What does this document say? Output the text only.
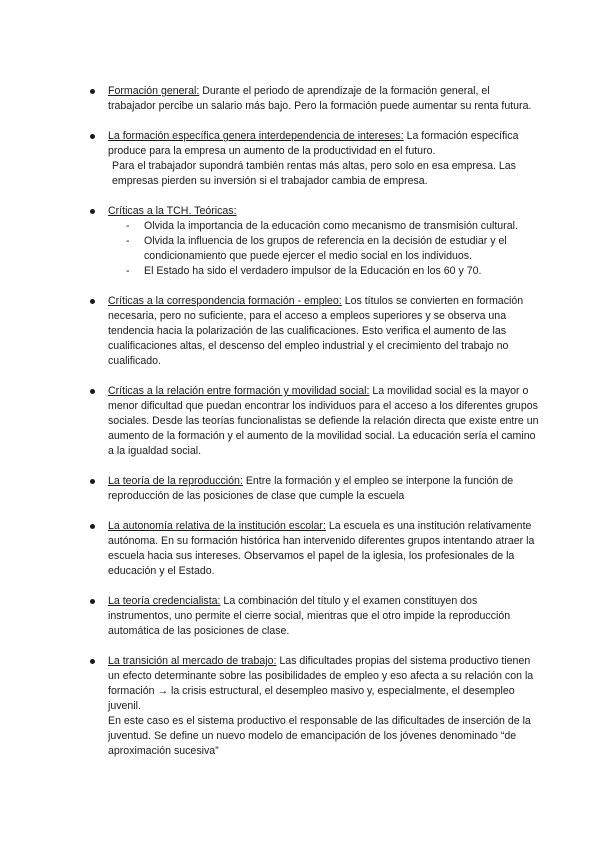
Formación general: Durante el periodo de aprendizaje de la formación general, el trabajador percibe un salario más bajo. Pero la formación puede aumentar su renta futura.
La formación específica genera interdependencia de intereses: La formación específica produce para la empresa un aumento de la productividad en el futuro.
Para el trabajador supondrá también rentas más altas, pero solo en esa empresa. Las empresas pierden su inversión si el trabajador cambia de empresa.
Críticas a la TCH. Teóricas:
- Olvida la importancia de la educación como mecanismo de transmisión cultural.
- Olvida la influencia de los grupos de referencia en la decisión de estudiar y el condicionamiento que puede ejercer el medio social en los individuos.
- El Estado ha sido el verdadero impulsor de la Educación en los 60 y 70.
Críticas a la correspondencia formación - empleo: Los títulos se convierten en formación necesaria, pero no suficiente, para el acceso a empleos superiores y se observa una tendencia hacia la polarización de las cualificaciones. Esto verifica el aumento de las cualificaciones altas, el descenso del empleo industrial y el crecimiento del trabajo no cualificado.
Críticas a la relación entre formación y movilidad social: La movilidad social es la mayor o menor dificultad que puedan encontrar los individuos para el acceso a los diferentes grupos sociales. Desde las teorías funcionalistas se defiende la relación directa que existe entre un aumento de la formación y el aumento de la movilidad social. La educación sería el camino a la igualdad social.
La teoría de la reproducción: Entre la formación y el empleo se interpone la función de reproducción de las posiciones de clase que cumple la escuela
La autonomía relativa de la institución escolar: La escuela es una institución relativamente autónoma. En su formación histórica han intervenido diferentes grupos intentando atraer la escuela hacia sus intereses. Observamos el papel de la iglesia, los profesionales de la educación y el Estado.
La teoría credencialista: La combinación del título y el examen constituyen dos instrumentos, uno permite el cierre social, mientras que el otro impide la reproducción automática de las posiciones de clase.
La transición al mercado de trabajo: Las dificultades propias del sistema productivo tienen un efecto determinante sobre las posibilidades de empleo y eso afecta a su relación con la formación → la crisis estructural, el desempleo masivo y, especialmente, el desempleo juvenil.
En este caso es el sistema productivo el responsable de las dificultades de inserción de la juventud. Se define un nuevo modelo de emancipación de los jóvenes denominado “de aproximación sucesiva”
